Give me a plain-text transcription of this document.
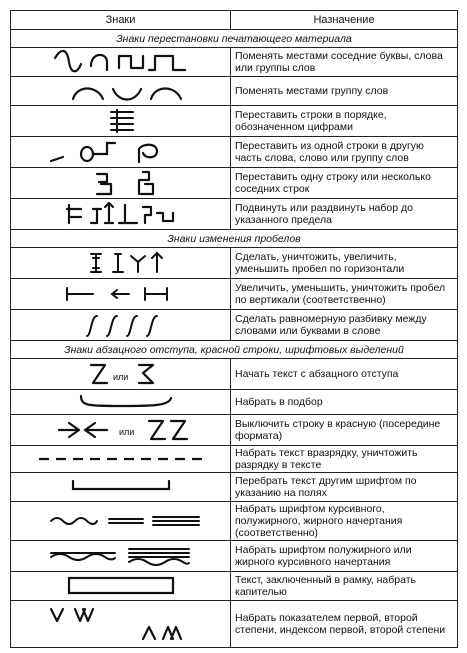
Знаки	Назначение
Знаки перестановки печатающего материала	

	Поменять местами соседние буквы, слова или группы слов

	Поменять местами группу слов

	Переставить строки в порядке, обозначенном цифрами

	Переставить из одной строки в другую часть слова, слово или группу слов

	Переставить одну строку или несколько соседних строк

	Подвинуть или раздвинуть набор до указанного предела
Знаки изменения пробелов	

	Сделать, уничтожить, увеличить, уменьшить пробел по горизонтали

	Увеличить, уменьшить, уничтожить пробел по вертикали (соответственно)

	Сделать равномерную разбивку между словами или буквами в слове
Знаки абзацного отступа, красной строки, шрифтовых выделений	

или	Начать текст с абзацного отступа

	Набрать в подбор

или	Выключить строку в красную (посередине формата)

	Набрать текст вразрядку, уничтожить разрядку в тексте

	Перебрать текст другим шрифтом по указанию на полях

	Набрать шрифтом курсивного, полужирного, жирного начертания (соответственно)

	Набрать шрифтом полужирного или жирного курсивного начертания

	Текст, заключенный в рамку, набрать капителью

	Набрать показателем первой, второй степени, индексом первой, второй степени
